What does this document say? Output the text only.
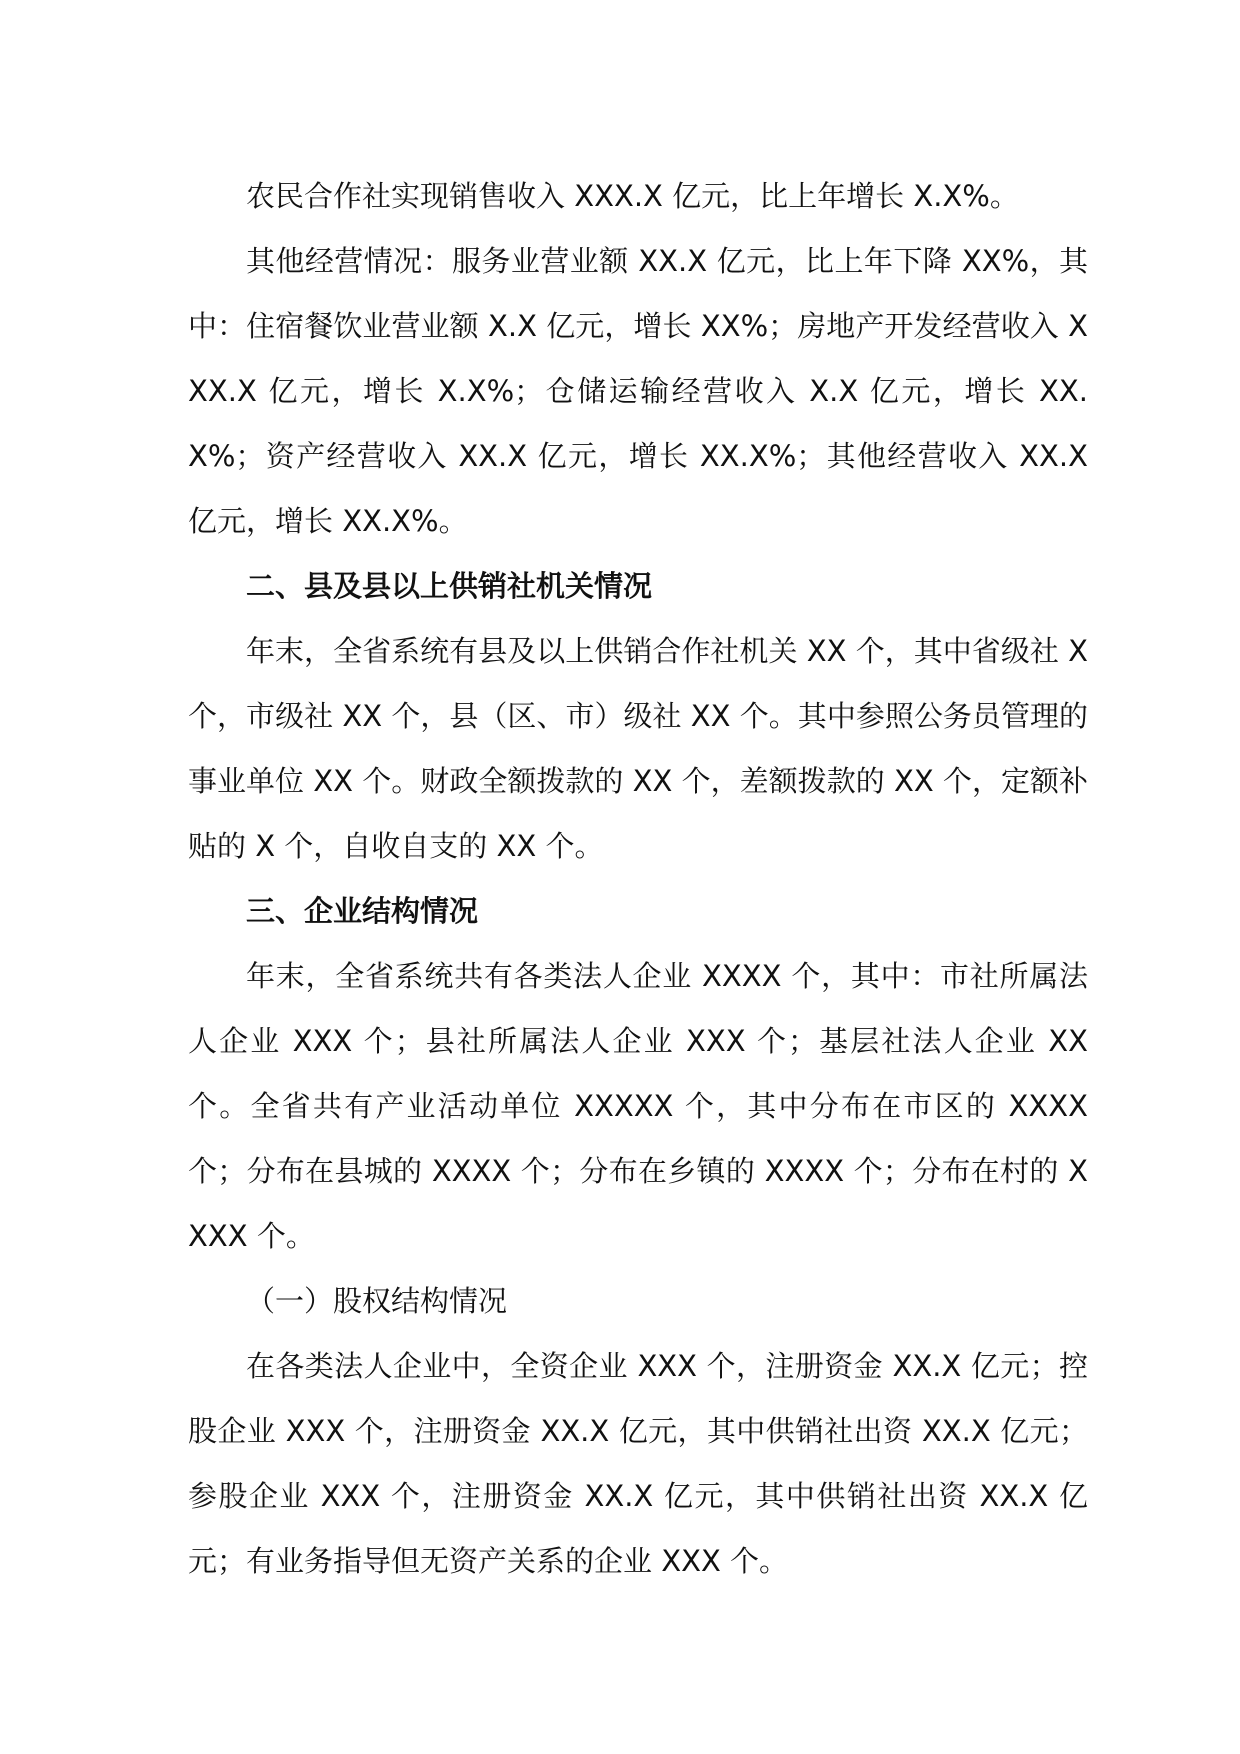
农民合作社实现销售收入 XXX.X 亿元，比上年增长 X.X%。

其他经营情况：服务业营业额 XX.X 亿元，比上年下降 XX%，其中：住宿餐饮业营业额 X.X 亿元，增长 XX%；房地产开发经营收入 XXX.X 亿元，增长 X.X%；仓储运输经营收入 X.X 亿元，增长 XX.X%；资产经营收入 XX.X 亿元，增长 XX.X%；其他经营收入 XX.X 亿元，增长 XX.X%。

二、县及县以上供销社机关情况

年末，全省系统有县及以上供销合作社机关 XX 个，其中省级社 X 个，市级社 XX 个，县（区、市）级社 XX 个。其中参照公务员管理的事业单位 XX 个。财政全额拨款的 XX 个，差额拨款的 XX 个，定额补贴的 X 个，自收自支的 XX 个。

三、企业结构情况

年末，全省系统共有各类法人企业 XXXX 个，其中：市社所属法人企业 XXX 个；县社所属法人企业 XXX 个；基层社法人企业 XX 个。全省共有产业活动单位 XXXXX 个，其中分布在市区的 XXXX 个；分布在县城的 XXXX 个；分布在乡镇的 XXXX 个；分布在村的 XXXX 个。

（一）股权结构情况

在各类法人企业中，全资企业 XXX 个，注册资金 XX.X 亿元；控股企业 XXX 个，注册资金 XX.X 亿元，其中供销社出资 XX.X 亿元；参股企业 XXX 个，注册资金 XX.X 亿元，其中供销社出资 XX.X 亿元；有业务指导但无资产关系的企业 XXX 个。
